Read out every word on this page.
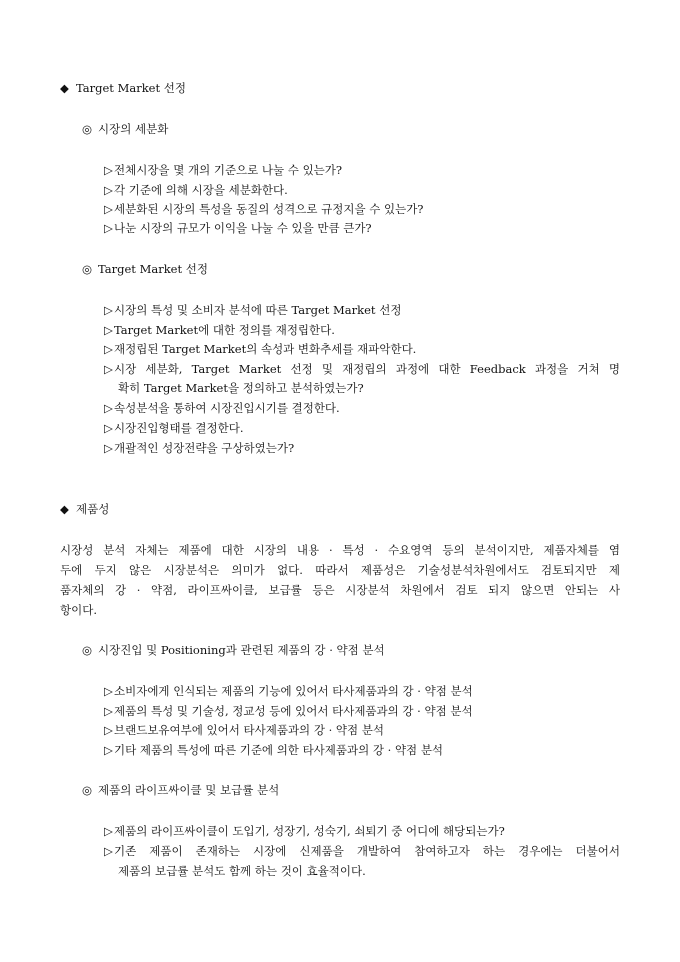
◆ Target Market 선정
◎ 시장의 세분화
▷전체시장을 몇 개의 기준으로 나눌 수 있는가?
▷각 기준에 의해 시장을 세분화한다.
▷세분화된 시장의 특성을 동질의 성격으로 규정지을 수 있는가?
▷나눈 시장의 규모가 이익을 나눌 수 있을 만큼 큰가?
◎ Target Market 선정
▷시장의 특성 및 소비자 분석에 따른 Target Market 선정
▷Target Market에 대한 정의를 재정립한다.
▷재정립된 Target Market의 속성과 변화추세를 재파악한다.
▷시장 세분화, Target Market 선정 및 재정립의 과정에 대한 Feedback 과정을 거쳐 명
확히 Target Market을 정의하고 분석하였는가?
▷속성분석을 통하여 시장진입시기를 결정한다.
▷시장진입형태를 결정한다.
▷개괄적인 성장전략을 구상하였는가?
◆ 제품성
시장성 분석 자체는 제품에 대한 시장의 내용 · 특성 · 수요영역 등의 분석이지만, 제품자체를 염
두에 두지 않은 시장분석은 의미가 없다. 따라서 제품성은 기술성분석차원에서도 검토되지만 제
품자체의 강 · 약점, 라이프싸이클, 보급률 등은 시장분석 차원에서 검토 되지 않으면 안되는 사
항이다.
◎ 시장진입 및 Positioning과 관련된 제품의 강 · 약점 분석
▷소비자에게 인식되는 제품의 기능에 있어서 타사제품과의 강 · 약점 분석
▷제품의 특성 및 기술성, 정교성 등에 있어서 타사제품과의 강 · 약점 분석
▷브랜드보유여부에 있어서 타사제품과의 강 · 약점 분석
▷기타 제품의 특성에 따른 기준에 의한 타사제품과의 강 · 약점 분석
◎ 제품의 라이프싸이클 및 보급률 분석
▷제품의 라이프싸이클이 도입기, 성장기, 성숙기, 쇠퇴기 중 어디에 해당되는가?
▷기존 제품이 존재하는 시장에 신제품을 개발하여 참여하고자 하는 경우에는 더불어서
제품의 보급률 분석도 함께 하는 것이 효율적이다.
